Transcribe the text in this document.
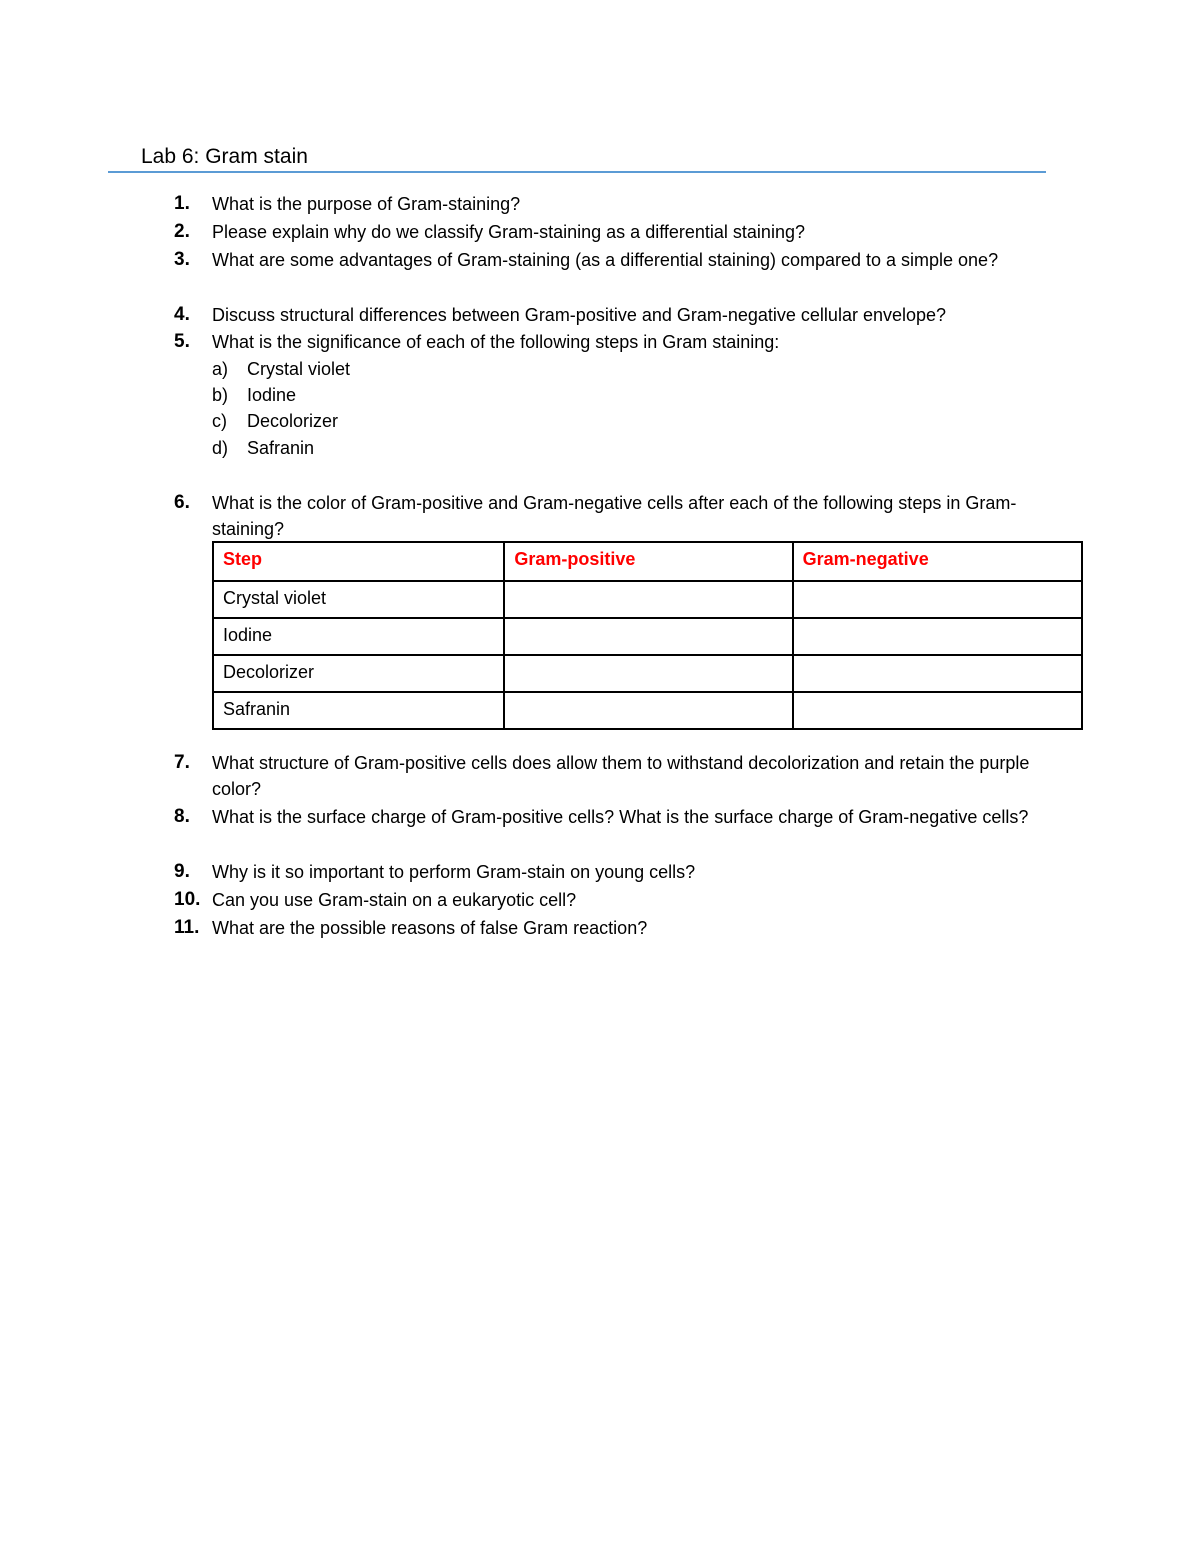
Lab 6: Gram stain
1. What is the purpose of Gram-staining?
2. Please explain why do we classify Gram-staining as a differential staining?
3. What are some advantages of Gram-staining (as a differential staining) compared to a simple one?
4. Discuss structural differences between Gram-positive and Gram-negative cellular envelope?
5. What is the significance of each of the following steps in Gram staining:
a) Crystal violet
b) Iodine
c) Decolorizer
d) Safranin
6. What is the color of Gram-positive and Gram-negative cells after each of the following steps in Gram-staining?
Step	Gram-positive	Gram-negative
Crystal violet		
Iodine		
Decolorizer		
Safranin		
7. What structure of Gram-positive cells does allow them to withstand decolorization and retain the purple color?
8. What is the surface charge of Gram-positive cells? What is the surface charge of Gram-negative cells?
9. Why is it so important to perform Gram-stain on young cells?
10. Can you use Gram-stain on a eukaryotic cell?
11. What are the possible reasons of false Gram reaction?
